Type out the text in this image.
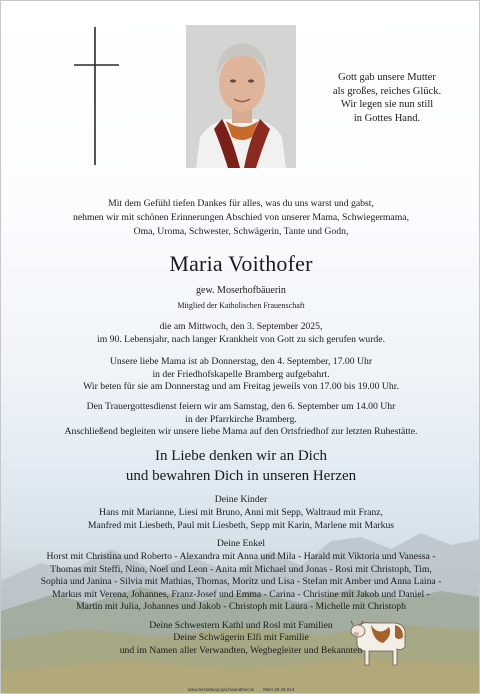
Gott gab unsere Mutter
als großes, reiches Glück.
Wir legen sie nun still
in Gottes Hand.
Mit dem Gefühl tiefen Dankes für alles, was du uns warst und gabst,
nehmen wir mit schönen Erinnerungen Abschied von unserer Mama, Schwiegermama,
Oma, Uroma, Schwester, Schwägerin, Tante und Godn,
Maria Voithofer
gew. Moserhofbäuerin
Mitglied der Katholischen Frauenschaft
die am Mittwoch, den 3. September 2025,
im 90. Lebensjahr, nach langer Krankheit von Gott zu sich gerufen wurde.
Unsere liebe Mama ist ab Donnerstag, den 4. September, 17.00 Uhr
in der Friedhofskapelle Bramberg aufgebahrt.
Wir beten für sie am Donnerstag und am Freitag jeweils von 17.00 bis 19.00 Uhr.
Den Trauergottesdienst feiern wir am Samstag, den 6. September um 14.00 Uhr
in der Pfarrkirche Bramberg.
Anschließend begleiten wir unsere liebe Mama auf den Ortsfriedhof zur letzten Ruhestätte.
In Liebe denken wir an Dich
und bewahren Dich in unseren Herzen
Deine Kinder
Hans mit Marianne, Liesi mit Bruno, Anni mit Sepp, Waltraud mit Franz,
Manfred mit Liesbeth, Paul mit Liesbeth, Sepp mit Karin, Marlene mit Markus
Deine Enkel
Horst mit Christina und Roberto - Alexandra mit Anna und Mila - Harald mit Viktoria und Vanessa -
Thomas mit Steffi, Nino, Noel und Leon - Anita mit Michael und Jonas - Rosi mit Christoph, Tim,
Sophia und Janina - Silvia mit Mathias, Thomas, Moritz und Lisa - Stefan mit Amber und Anna Laina -
Markus mit Verena, Johannes, Franz-Josef und Emma - Carina - Christine mit Jakob und Daniel -
Martin mit Julia, Johannes und Jakob - Christoph mit Laura - Michelle mit Christoph
Deine Schwestern Kathl und Rosl mit Familien
Deine Schwägerin Elfi mit Familie
und im Namen aller Verwandten, Wegbegleiter und Bekannten
www.bestattung-gschwandtner.at 0664 28 28 013
